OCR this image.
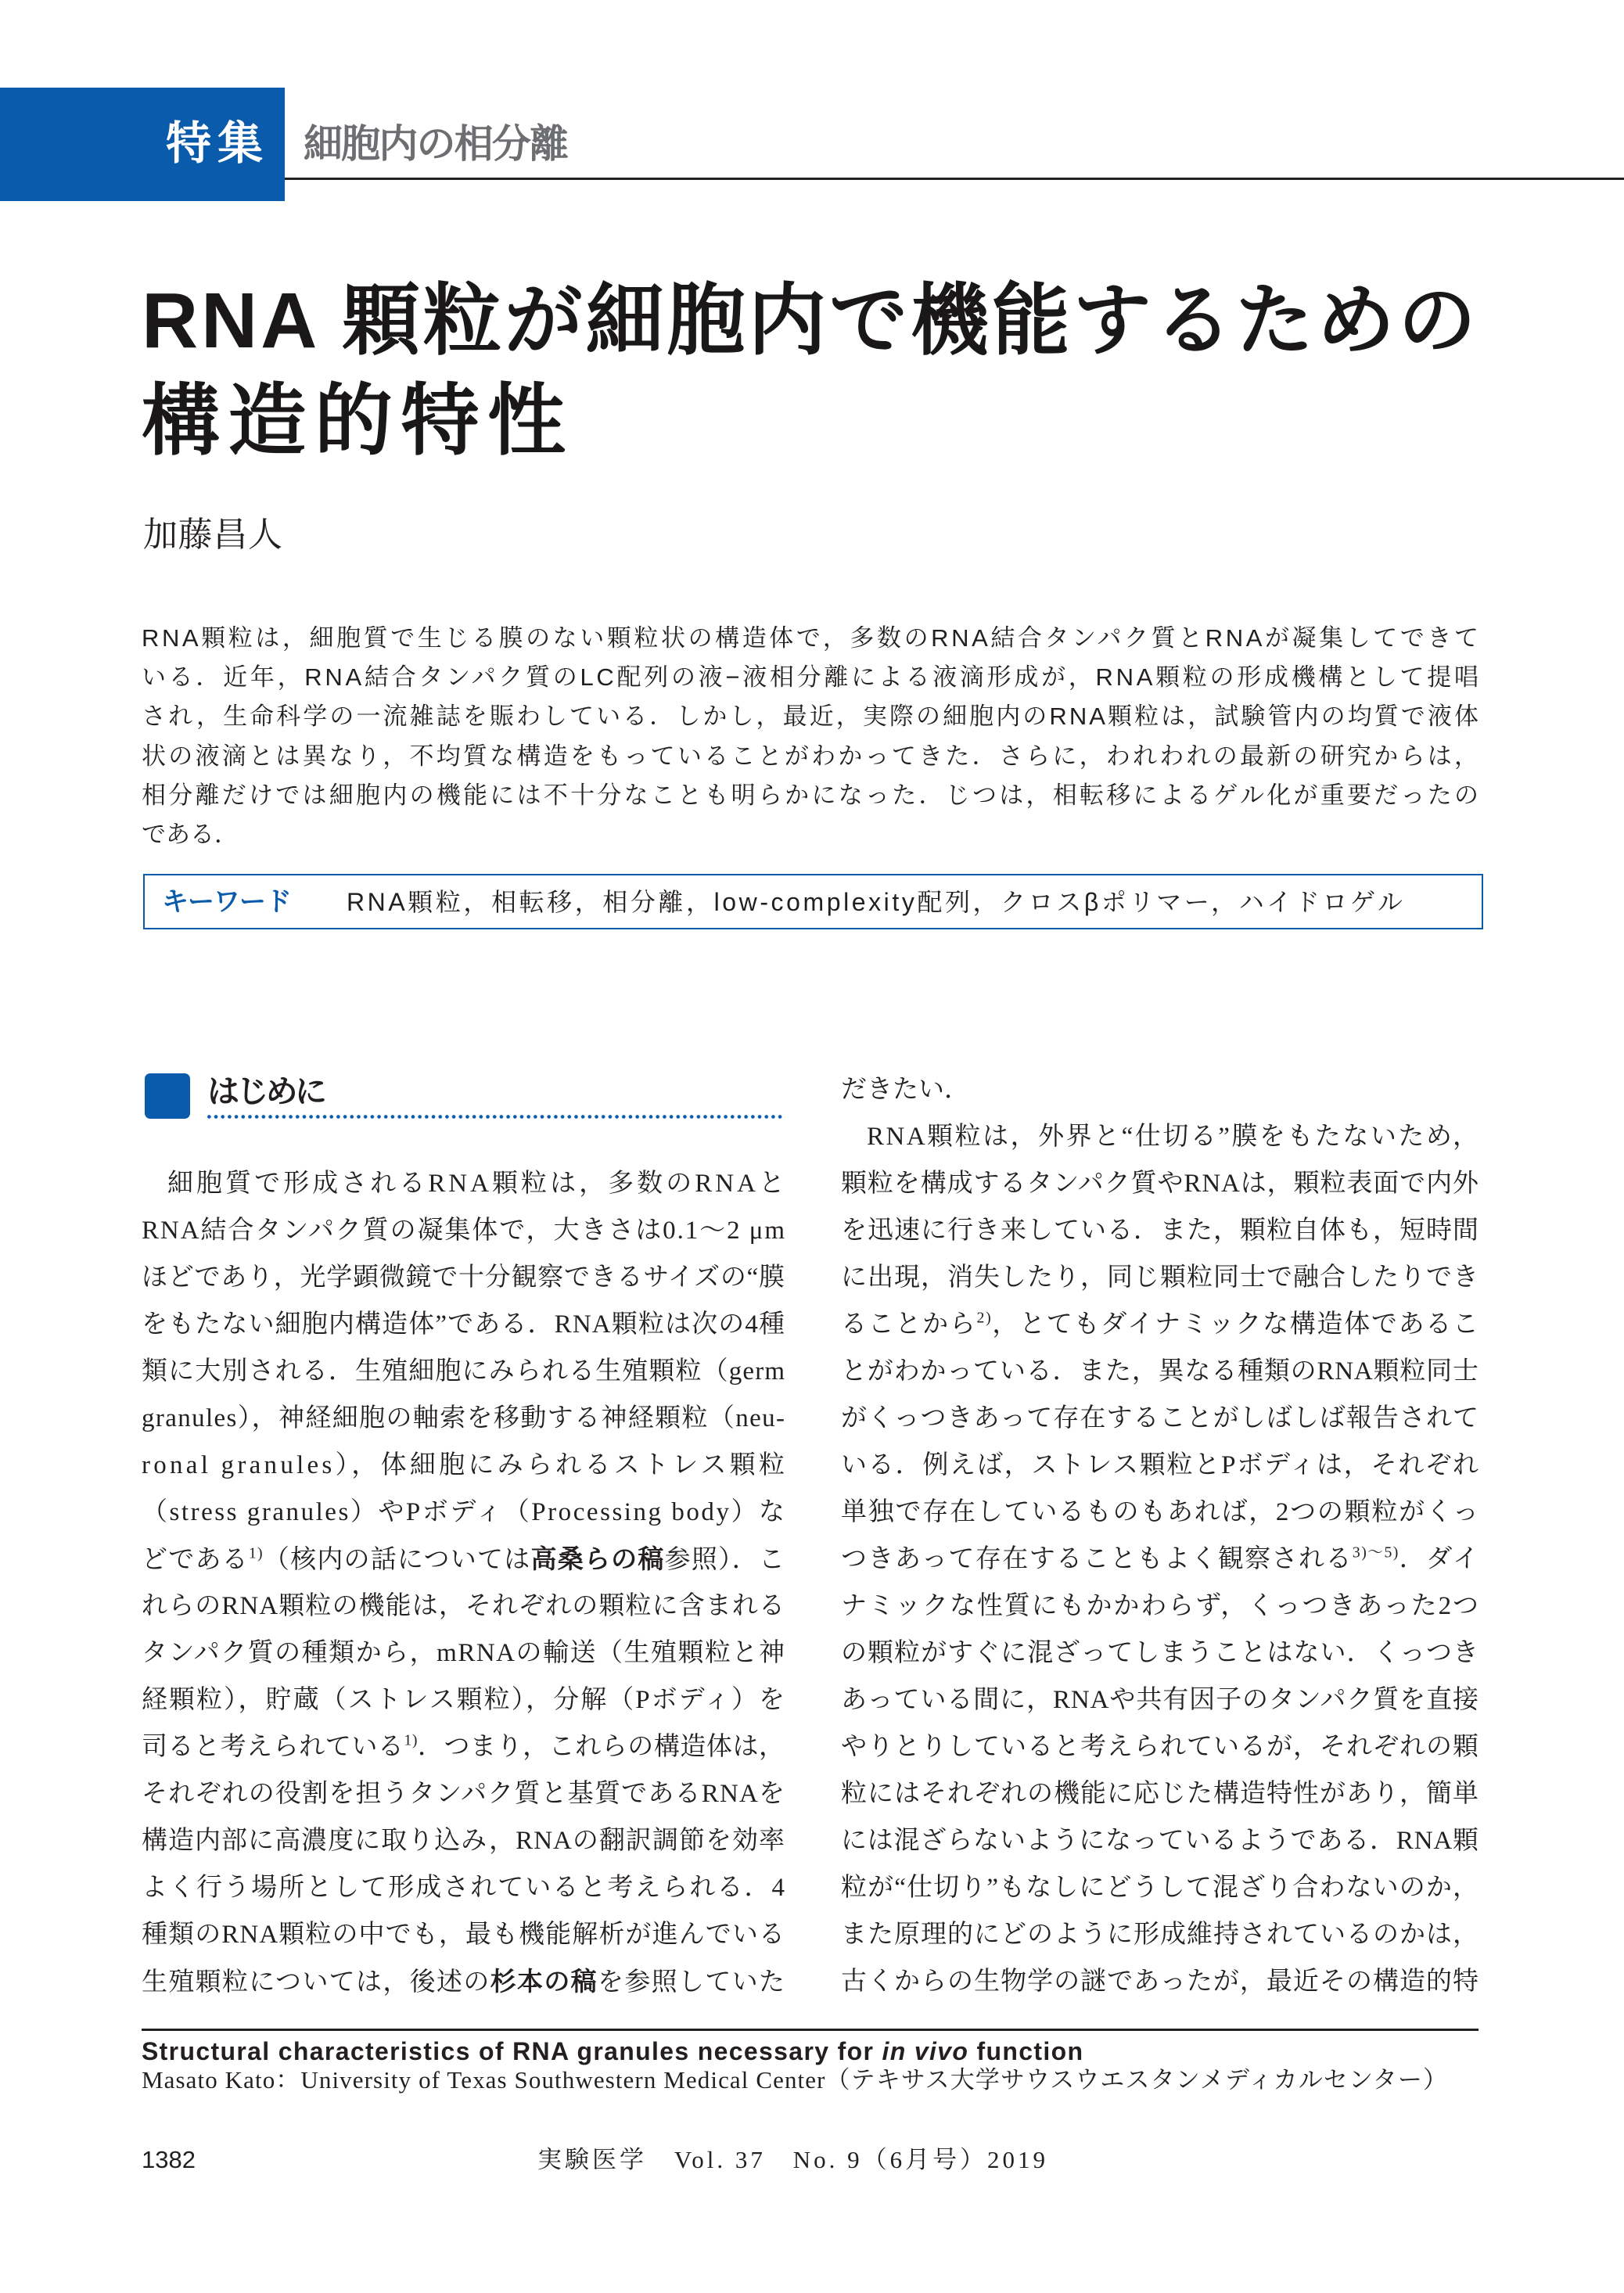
特集 細胞内の相分離
RNA 顆粒が細胞内で機能するための
構造的特性
加藤昌人
RNA顆粒は，細胞質で生じる膜のない顆粒状の構造体で，多数のRNA結合タンパク質とRNAが凝集してできて
いる．近年，RNA結合タンパク質のLC配列の液−液相分離による液滴形成が，RNA顆粒の形成機構として提唱
され，生命科学の一流雑誌を賑わしている．しかし，最近，実際の細胞内のRNA顆粒は，試験管内の均質で液体
状の液滴とは異なり，不均質な構造をもっていることがわかってきた．さらに，われわれの最新の研究からは，
相分離だけでは細胞内の機能には不十分なことも明らかになった．じつは，相転移によるゲル化が重要だったの
である．
キーワード RNA顆粒，相転移，相分離，low-complexity配列，クロスβポリマー，ハイドロゲル
はじめに
細胞質で形成されるRNA顆粒は，多数のRNAと
RNA結合タンパク質の凝集体で，大きさは0.1〜2 μm
ほどであり，光学顕微鏡で十分観察できるサイズの“膜
をもたない細胞内構造体”である．RNA顆粒は次の4種
類に大別される．生殖細胞にみられる生殖顆粒（germ
granules），神経細胞の軸索を移動する神経顆粒（neu-
ronal granules），体細胞にみられるストレス顆粒
（stress granules）やPボディ（Processing body）な
どである$^{1)}$（核内の話については高桑らの稿参照）．こ
れらのRNA顆粒の機能は，それぞれの顆粒に含まれる
タンパク質の種類から，mRNAの輸送（生殖顆粒と神
経顆粒），貯蔵（ストレス顆粒），分解（Pボディ）を
司ると考えられている$^{1)}$．つまり，これらの構造体は，
それぞれの役割を担うタンパク質と基質であるRNAを
構造内部に高濃度に取り込み，RNAの翻訳調節を効率
よく行う場所として形成されていると考えられる．4
種類のRNA顆粒の中でも，最も機能解析が進んでいる
生殖顆粒については，後述の杉本の稿を参照していた
だきたい．
RNA顆粒は，外界と“仕切る”膜をもたないため，
顆粒を構成するタンパク質やRNAは，顆粒表面で内外
を迅速に行き来している．また，顆粒自体も，短時間
に出現，消失したり，同じ顆粒同士で融合したりでき
ることから$^{2)}$，とてもダイナミックな構造体であるこ
とがわかっている．また，異なる種類のRNA顆粒同士
がくっつきあって存在することがしばしば報告されて
いる．例えば，ストレス顆粒とPボディは，それぞれ
単独で存在しているものもあれば，2つの顆粒がくっ
つきあって存在することもよく観察される$^{3)〜5)}$．ダイ
ナミックな性質にもかかわらず，くっつきあった2つ
の顆粒がすぐに混ざってしまうことはない．くっつき
あっている間に，RNAや共有因子のタンパク質を直接
やりとりしていると考えられているが，それぞれの顆
粒にはそれぞれの機能に応じた構造特性があり，簡単
には混ざらないようになっているようである．RNA顆
粒が“仕切り”もなしにどうして混ざり合わないのか，
また原理的にどのように形成維持されているのかは，
古くからの生物学の謎であったが，最近その構造的特
Structural characteristics of RNA granules necessary for in vivo function
Masato Kato：University of Texas Southwestern Medical Center（テキサス大学サウスウエスタンメディカルセンター）
1382	実験医学　Vol. 37　No. 9（6月号）2019
